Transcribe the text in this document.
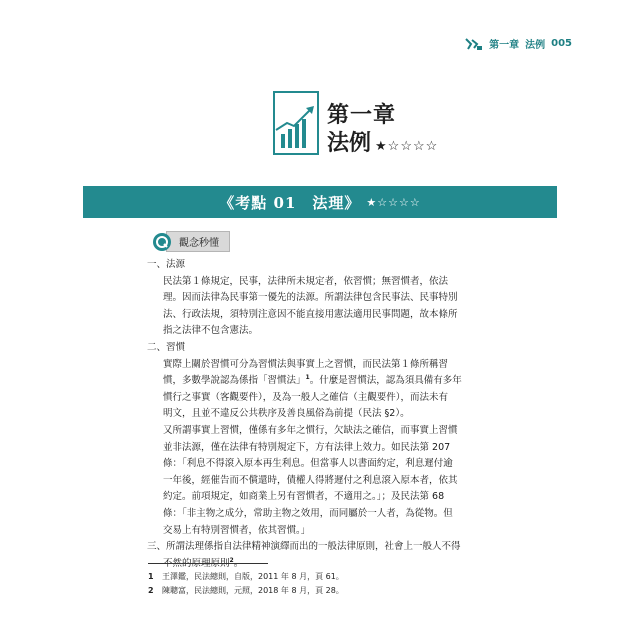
第一章 法例 005
第一章
法例 ★☆☆☆☆
《考點 01　法理》 ★☆☆☆☆
觀念秒懂

一、法源

民法第１條規定，民事，法律所未規定者，依習慣；無習慣者，依法
理。因而法律為民事第一優先的法源。所謂法律包含民事法、民事特別
法、行政法規，須特別注意因不能直接用憲法適用民事問題，故本條所
指之法律不包含憲法。

二、習慣

實際上關於習慣可分為習慣法與事實上之習慣，而民法第１條所稱習
慣，多數學說認為係指「習慣法」$^1$。什麼是習慣法，認為須具備有多年
慣行之事實（客觀要件），及為一般人之確信（主觀要件），而法未有
明文，且並不違反公共秩序及善良風俗為前提（民法 §2）。
又所謂事實上習慣，僅係有多年之慣行，欠缺法之確信，而事實上習慣
並非法源，僅在法律有特別規定下，方有法律上效力。如民法第 207
條：「利息不得滾入原本再生利息。但當事人以書面約定，利息遲付逾
一年後，經催告而不償還時，債權人得將遲付之利息滾入原本者，依其
約定。前項規定，如商業上另有習慣者，不適用之。」；及民法第 68
條：「非主物之成分，常助主物之效用，而同屬於一人者，為從物。但
交易上有特別習慣者，依其習慣。」

三、所謂法理係指自法律精神演繹而出的一般法律原則，社會上一般人不得

不然的原理原則$^2$。
1 王澤鑑，民法總則，自版，2011 年 8 月，頁 61。
2 陳聰富，民法總則，元照，2018 年 8 月，頁 28。
